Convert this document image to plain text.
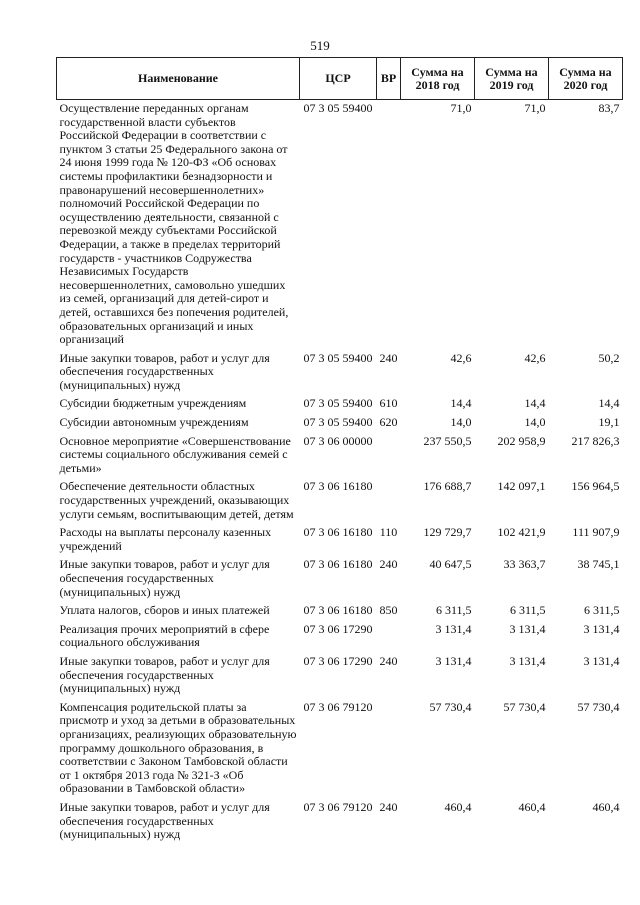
519
Наименование	ЦСР	ВР	Сумма на 2018 год	Сумма на 2019 год	Сумма на 2020 год
Осуществление переданных органам государственной власти субъектов Российской Федерации в соответствии с пунктом 3 статьи 25 Федерального закона от 24 июня 1999 года № 120-ФЗ «Об основах системы профилактики безнадзорности и правонарушений несовершеннолетних» полномочий Российской Федерации по осуществлению деятельности, связанной с перевозкой между субъектами Российской Федерации, а также в пределах территорий государств - участников Содружества Независимых Государств несовершеннолетних, самовольно ушедших из семей, организаций для детей-сирот и детей, оставшихся без попечения родителей, образовательных организаций и иных организаций	07 3 05 59400		71,0	71,0	83,7
Иные закупки товаров, работ и услуг для обеспечения государственных (муниципальных) нужд	07 3 05 59400	240	42,6	42,6	50,2
Субсидии бюджетным учреждениям	07 3 05 59400	610	14,4	14,4	14,4
Субсидии автономным учреждениям	07 3 05 59400	620	14,0	14,0	19,1
Основное мероприятие «Совершенствование системы социального обслуживания семей с детьми»	07 3 06 00000		237 550,5	202 958,9	217 826,3
Обеспечение деятельности областных государственных учреждений, оказывающих услуги семьям, воспитывающим детей, детям	07 3 06 16180		176 688,7	142 097,1	156 964,5
Расходы на выплаты персоналу казенных учреждений	07 3 06 16180	110	129 729,7	102 421,9	111 907,9
Иные закупки товаров, работ и услуг для обеспечения государственных (муниципальных) нужд	07 3 06 16180	240	40 647,5	33 363,7	38 745,1
Уплата налогов, сборов и иных платежей	07 3 06 16180	850	6 311,5	6 311,5	6 311,5
Реализация прочих мероприятий в сфере социального обслуживания	07 3 06 17290		3 131,4	3 131,4	3 131,4
Иные закупки товаров, работ и услуг для обеспечения государственных (муниципальных) нужд	07 3 06 17290	240	3 131,4	3 131,4	3 131,4
Компенсация родительской платы за присмотр и уход за детьми в образовательных организациях, реализующих образовательную программу дошкольного образования, в соответствии с Законом Тамбовской области от 1 октября 2013 года № 321-З «Об образовании в Тамбовской области»	07 3 06 79120		57 730,4	57 730,4	57 730,4
Иные закупки товаров, работ и услуг для обеспечения государственных (муниципальных) нужд	07 3 06 79120	240	460,4	460,4	460,4
